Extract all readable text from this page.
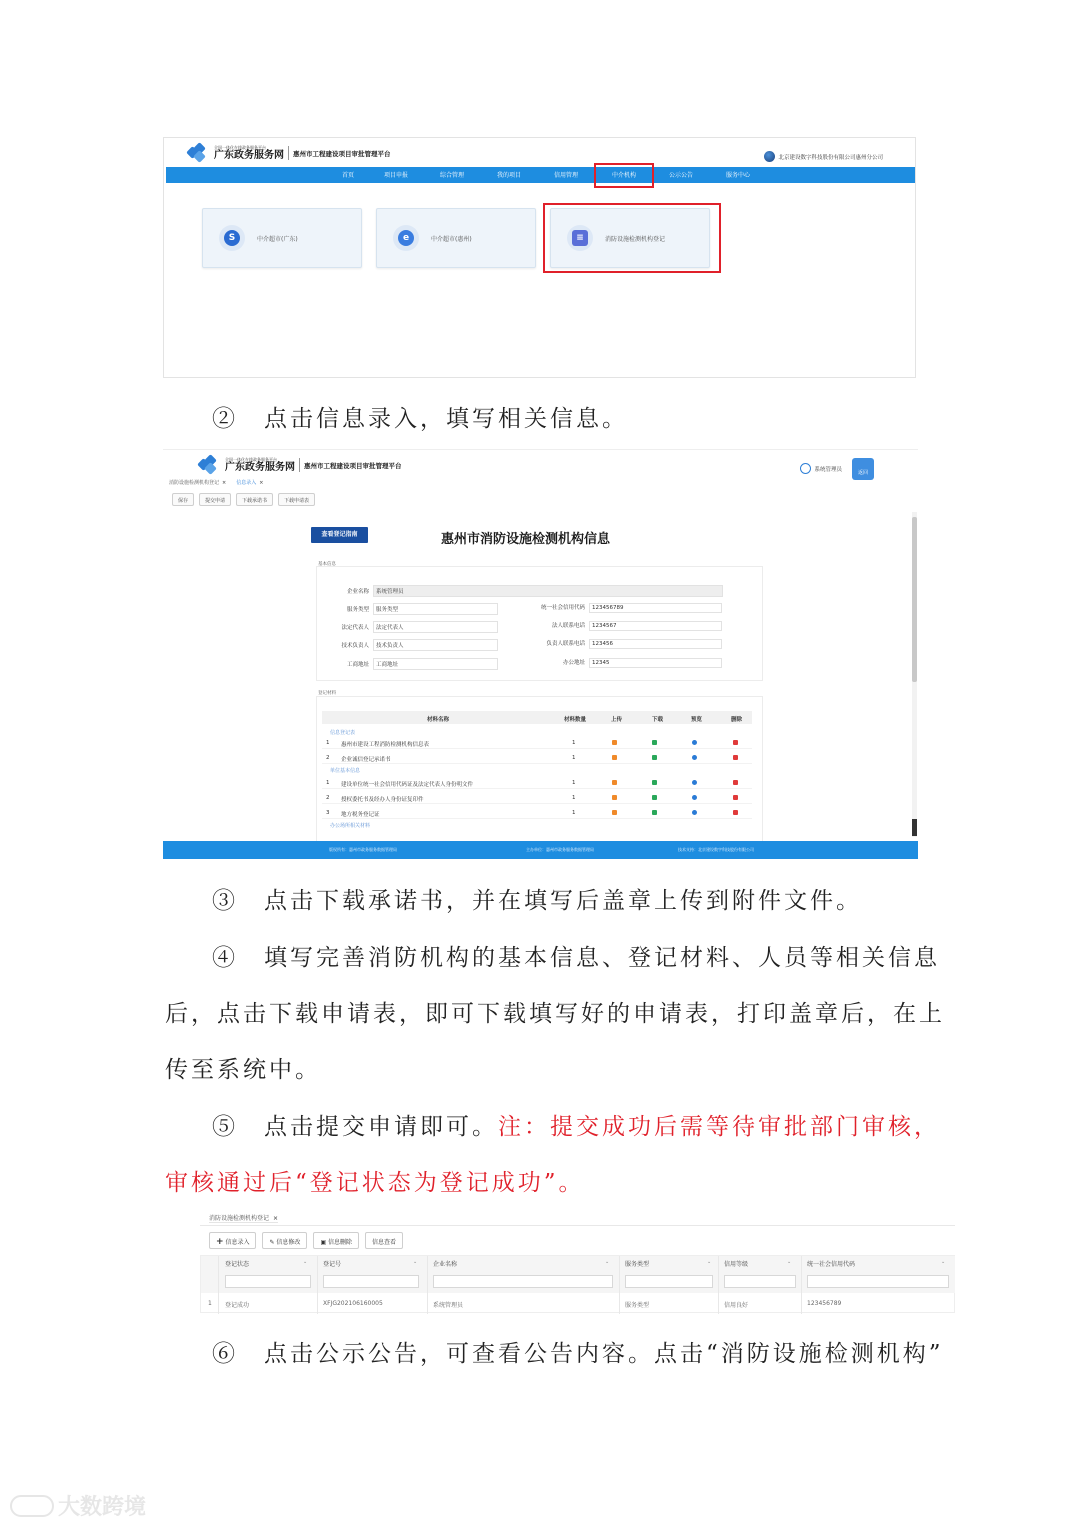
全国一体化在线政务服务平台
广东政务服务网 惠州市工程建设项目审批管理平台	北京建设数字科技股份有限公司惠州分公司
首页	项目申报	综合管理	我的项目	信用管理	中介机构	公示公告	服务中心
S	中介超市(广东)	e	中介超市(惠州)	≡	消防设施检测机构登记
②　点击信息录入，填写相关信息。
全国一体化在线政务服务平台
广东政务服务网 惠州市工程建设项目审批管理平台	系统管理员
返回
消防设施检测机构登记 × 信息录入 ×
保存	提交申请	下载承诺书	下载申请表
查看登记指南	惠州市消防设施检测机构信息
基本信息
企业名称 系统管理员
服务类型 服务类型	统一社会信用代码 123456789
法定代表人 法定代表人	法人联系电话 1234567
技术负责人 技术负责人	负责人联系电话 123456
工商地址 工商地址	办公地址 12345
登记材料
材料名称	材料数量	上传	下载	预览	删除
信息登记表
1 惠州市建设工程消防检测机构信息表	1
2 企业诚信登记承诺书	1
单位基本信息
1 建设单位统一社会信用代码证及法定代表人身份明文件	1
2 授权委托书及经办人身份证复印件	1
3 地方税务登记证	1
办公场所相关材料
版权所有：惠州市政务服务数据管理局	主办单位：惠州市政务服务数据管理局	技术支持：北京建设数字科技股份有限公司
③　点击下载承诺书，并在填写后盖章上传到附件文件。
④　填写完善消防机构的基本信息、登记材料、人员等相关信息
后，点击下载申请表，即可下载填写好的申请表，打印盖章后，在上
传至系统中。
⑤　点击提交申请即可。注：提交成功后需等待审批部门审核，
审核通过后“登记状态为登记成功”。
消防设施检测机构登记 ×
+ 信息录入	✎ 信息修改	▣ 信息删除	信息查看
登记状态	⌄	登记号	⌄	企业名称	⌄	服务类型	⌄ 信用等级	⌄	统一社会信用代码	⌄
1 登记成功	XFJG202106160005	系统管理员	服务类型	信用良好	123456789
⑥　点击公示公告，可查看公告内容。点击“消防设施检测机构”
大数跨境
